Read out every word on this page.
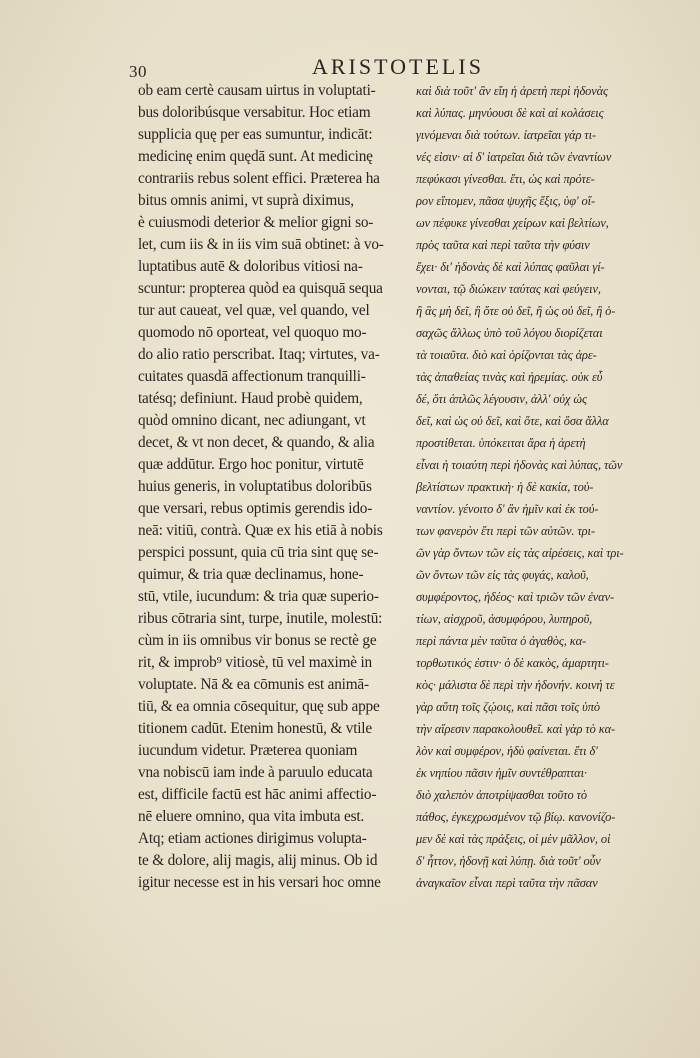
30	ARISTOTELIS
ob eam certè causam uirtus in voluptati-
bus doloribúsque versabitur. Hoc etiam
supplicia quę per eas sumuntur, indicāt:
medicinę enim quędā sunt. At medicinę
contrariis rebus solent effici. Præterea ha
bitus omnis animi, vt suprà diximus,
è cuiusmodi deterior & melior gigni so-
let, cum iis & in iis vim suā obtinet: à vo-
luptatibus autē & doloribus vitiosi na-
scuntur: propterea quòd ea quisquā sequa
tur aut caueat, vel quæ, vel quando, vel
quomodo nō oporteat, vel quoquo mo-
do alio ratio perscribat. Itaq; virtutes, va-
cuitates quasdā affectionum tranquilli-
tatésq; definiunt. Haud probè quidem,
quòd omnino dicant, nec adiungant, vt
decet, & vt non decet, & quando, & alia
quæ addūtur. Ergo hoc ponitur, virtutē
huius generis, in voluptatibus doloribūs
que versari, rebus optimis gerendis ido-
neā: vitiū, contrà. Quæ ex his etiā à nobis
perspici possunt, quia cū tria sint quę se-
quimur, & tria quæ declinamus, hone-
stū, vtile, iucundum: & tria quæ superio-
ribus cōtraria sint, turpe, inutile, molestū:
cùm in iis omnibus vir bonus se rectè ge
rit, & improb⁹ vitiosè, tū vel maximè in
voluptate. Nā & ea cōmunis est animā-
tiū, & ea omnia cōsequitur, quę sub appe
titionem cadūt. Etenim honestū, & vtile
iucundum videtur. Præterea quoniam
vna nobiscū iam inde à paruulo educata
est, difficile factū est hāc animi affectio-
nē eluere omnino, qua vita imbuta est.
Atq; etiam actiones dirigimus volupta-
te & dolore, alij magis, alij minus. Ob id
igitur necesse est in his versari hoc omne
καὶ διὰ τοῦτ' ἂν εἴη ἡ ἀρετὴ περὶ ἡδονὰς
καὶ λύπας. μηνύουσι δὲ καὶ αἱ κολάσεις
γινόμεναι διὰ τούτων. ἰατρεῖαι γάρ τι-
νές εἰσιν· αἱ δ' ἰατρεῖαι διὰ τῶν ἐναντίων
πεφύκασι γίνεσθαι. ἔτι, ὡς καὶ πρότε-
ρον εἴπομεν, πᾶσα ψυχῆς ἕξις, ὑφ' οἵ-
ων πέφυκε γίνεσθαι χείρων καὶ βελτίων,
πρὸς ταῦτα καὶ περὶ ταῦτα τὴν φύσιν
ἔχει· δι' ἡδονὰς δὲ καὶ λύπας φαῦλαι γί-
νονται, τῷ διώκειν ταύτας καὶ φεύγειν,
ἢ ἃς μὴ δεῖ, ἢ ὅτε οὐ δεῖ, ἢ ὡς οὐ δεῖ, ἢ ὁ-
σαχῶς ἄλλως ὑπὸ τοῦ λόγου διορίζεται
τὰ τοιαῦτα. διὸ καὶ ὁρίζονται τὰς ἀρε-
τὰς ἀπαθείας τινὰς καὶ ἠρεμίας. οὐκ εὖ
δέ, ὅτι ἁπλῶς λέγουσιν, ἀλλ' οὐχ ὡς
δεῖ, καὶ ὡς οὐ δεῖ, καὶ ὅτε, καὶ ὅσα ἄλλα
προστίθεται. ὑπόκειται ἄρα ἡ ἀρετὴ
εἶναι ἡ τοιαύτη περὶ ἡδονὰς καὶ λύπας, τῶν
βελτίστων πρακτικὴ· ἡ δὲ κακία, τοὐ-
ναντίον. γένοιτο δ' ἂν ἡμῖν καὶ ἐκ τού-
των φανερὸν ἔτι περὶ τῶν αὐτῶν. τρι-
ῶν γὰρ ὄντων τῶν εἰς τὰς αἱρέσεις, καὶ τρι-
ῶν ὄντων τῶν εἰς τὰς φυγάς, καλοῦ,
συμφέροντος, ἡδέος· καὶ τριῶν τῶν ἐναν-
τίων, αἰσχροῦ, ἀσυμφόρου, λυπηροῦ,
περὶ πάντα μὲν ταῦτα ὁ ἀγαθὸς, κα-
τορθωτικός ἐστιν· ὁ δὲ κακὸς, ἁμαρτητι-
κὸς· μάλιστα δὲ περὶ τὴν ἡδονήν. κοινή τε
γὰρ αὕτη τοῖς ζῴοις, καὶ πᾶσι τοῖς ὑπὸ
τὴν αἵρεσιν παρακολουθεῖ. καὶ γὰρ τὸ κα-
λὸν καὶ συμφέρον, ἡδὺ φαίνεται. ἔτι δ'
ἐκ νηπίου πᾶσιν ἡμῖν συντέθραπται·
διὸ χαλεπὸν ἀποτρίψασθαι τοῦτο τὸ
πάθος, ἐγκεχρωσμένον τῷ βίῳ. κανονίζο-
μεν δὲ καὶ τὰς πράξεις, οἱ μὲν μᾶλλον, οἱ
δ' ἧττον, ἡδονῇ καὶ λύπῃ. διὰ τοῦτ' οὖν
ἀναγκαῖον εἶναι περὶ ταῦτα τὴν πᾶσαν
